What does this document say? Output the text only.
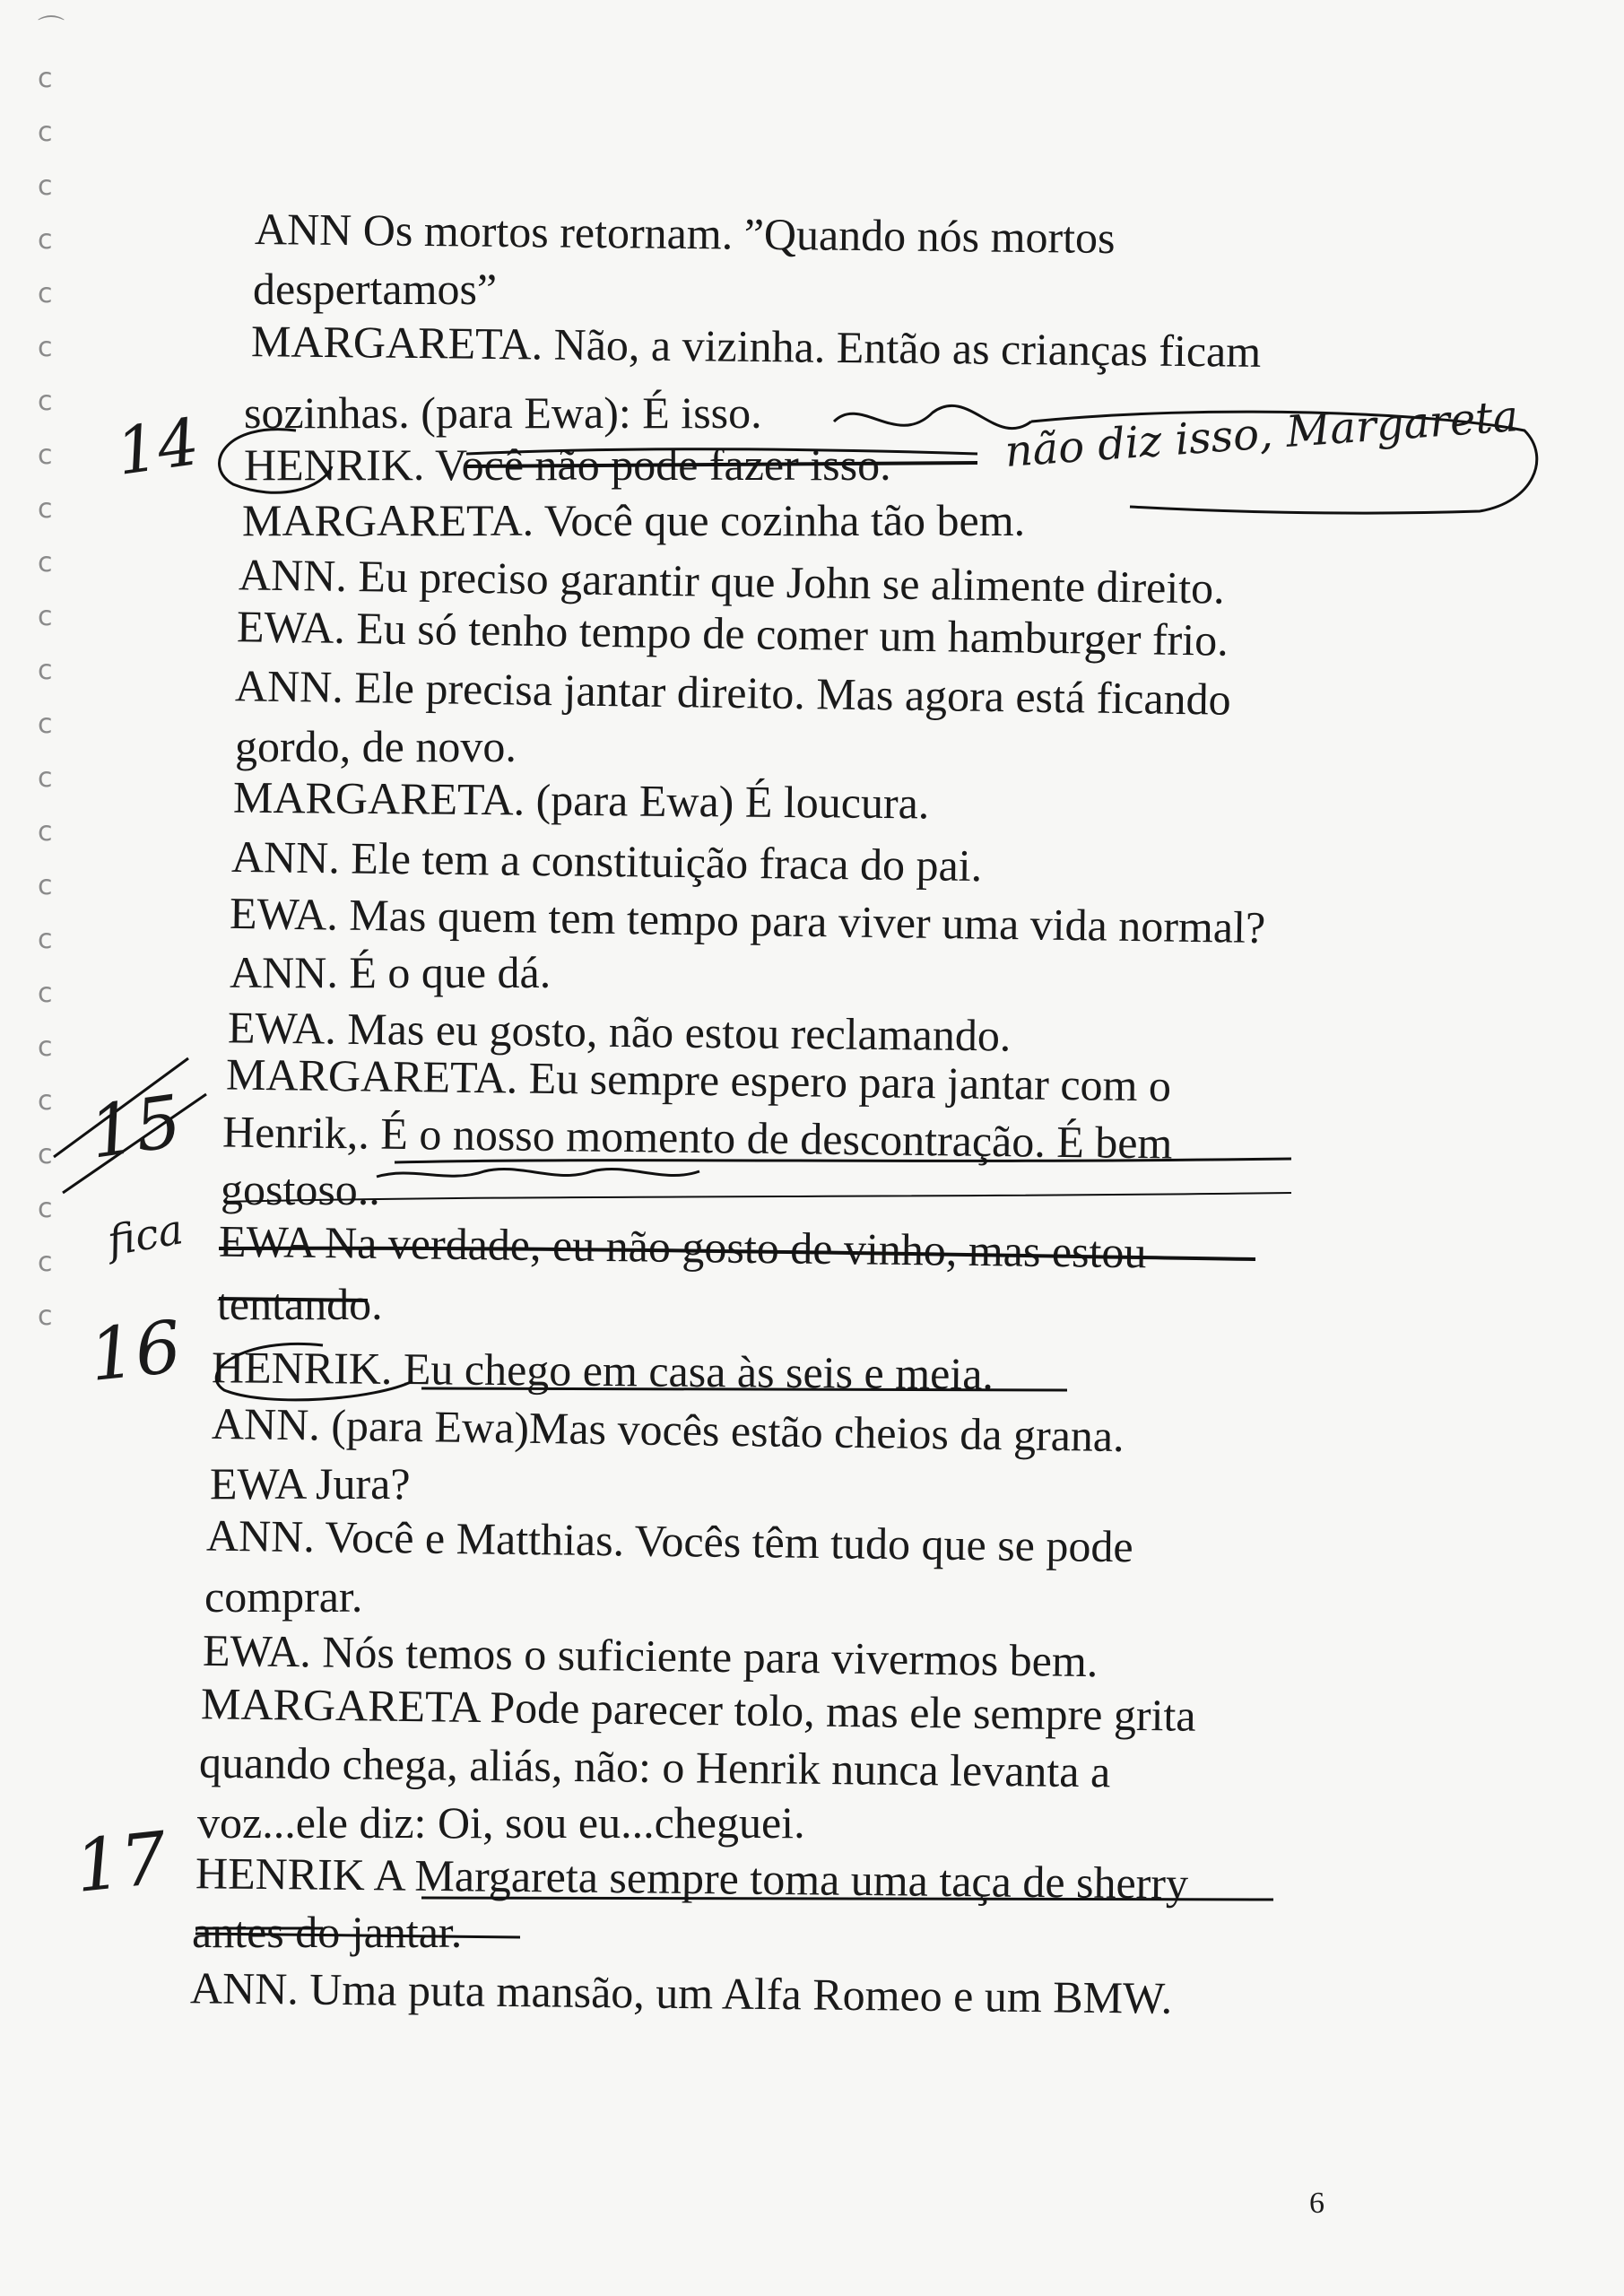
⌒
c
c
c
c
c
c
c
c
c
c
c
c
c
c
c
c
c
c
c
c
c
c
c
c
ANN Os mortos retornam. ”Quando nós mortos
despertamos”
MARGARETA. Não, a vizinha. Então as crianças ficam
sozinhas. (para Ewa): É isso.
HENRIK. Você não pode fazer isso.
MARGARETA. Você que cozinha tão bem.
ANN. Eu preciso garantir que John se alimente direito.
EWA. Eu só tenho tempo de comer um hamburger frio.
ANN. Ele precisa jantar direito. Mas agora está ficando
gordo, de novo.
MARGARETA. (para Ewa) É loucura.
ANN. Ele tem a constituição fraca do pai.
EWA. Mas quem tem tempo para viver uma vida normal?
ANN. É o que dá.
EWA. Mas eu gosto, não estou reclamando.
MARGARETA. Eu sempre espero para jantar com o
Henrik,. É o nosso momento de descontração. É bem
gostoso..
EWA Na verdade, eu não gosto de vinho, mas estou
tentando.
HENRIK. Eu chego em casa às seis e meia.
ANN. (para Ewa)Mas vocês estão cheios da grana.
EWA Jura?
ANN. Você e Matthias. Vocês têm tudo que se pode
comprar.
EWA. Nós temos o suficiente para vivermos bem.
MARGARETA Pode parecer tolo, mas ele sempre grita
quando chega, aliás, não: o Henrik nunca levanta a
voz...ele diz: Oi, sou eu...cheguei.
HENRIK A Margareta sempre toma uma taça de sherry
antes do jantar.
ANN. Uma puta mansão, um Alfa Romeo e um BMW.
14
15
16
17
fica
não diz isso, Margareta
6
